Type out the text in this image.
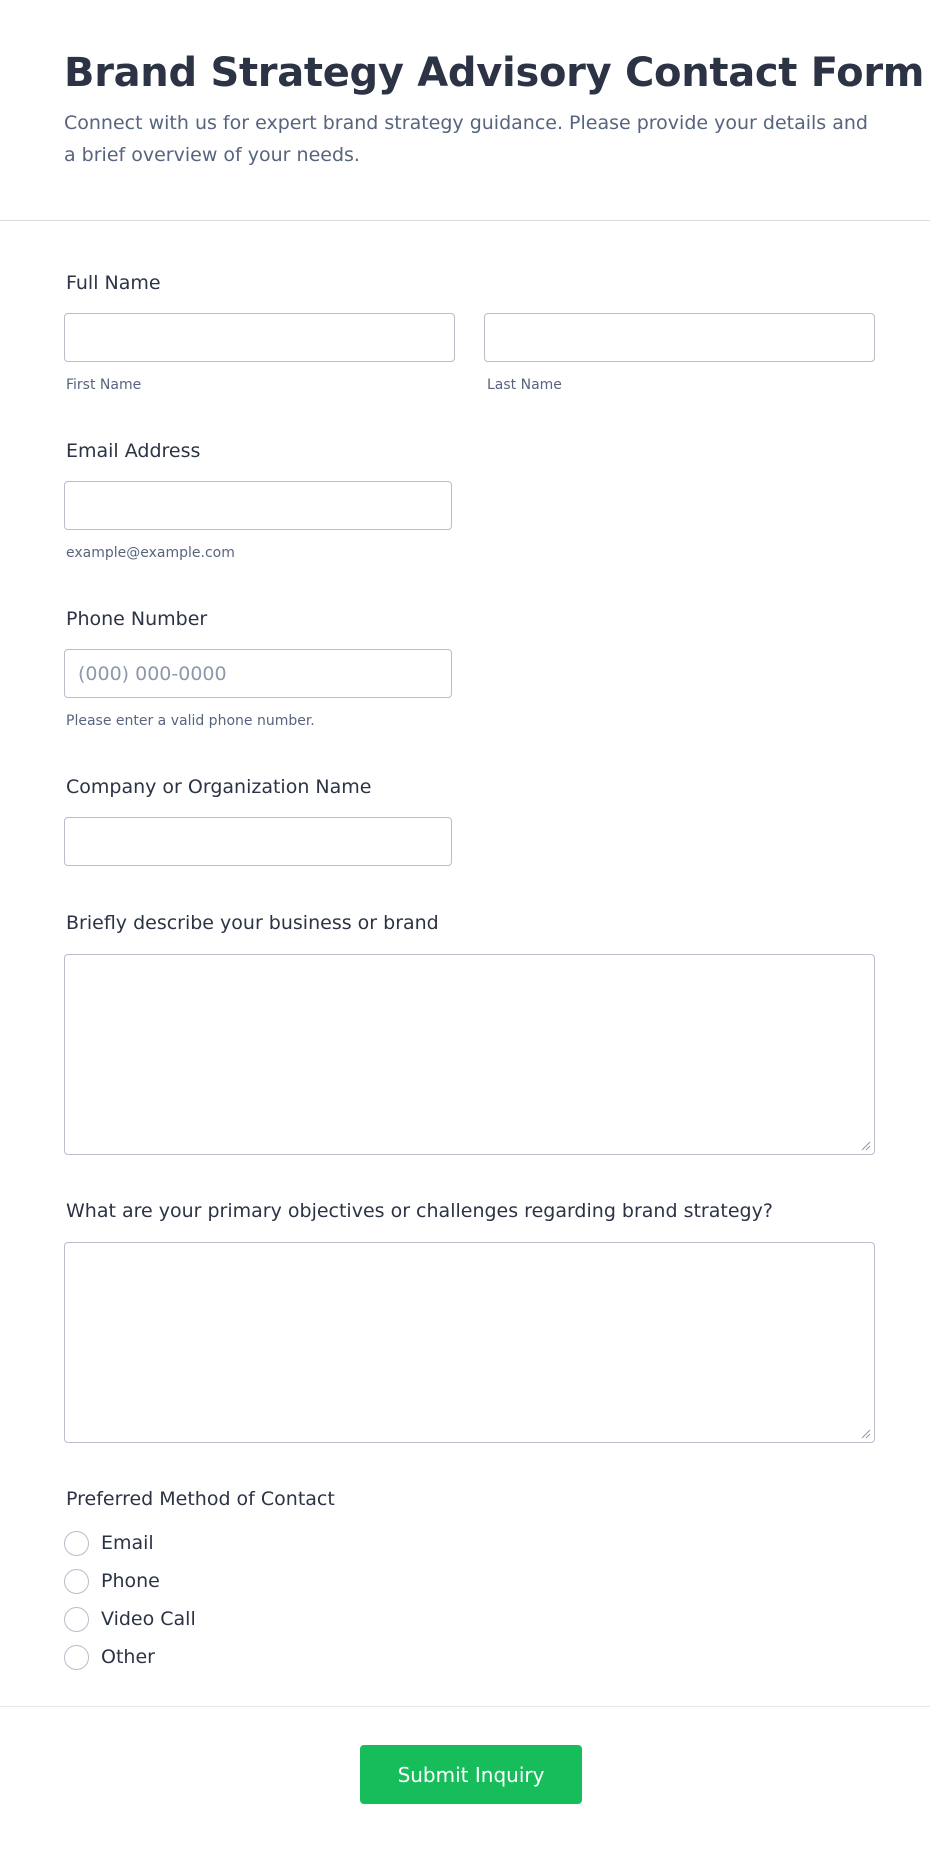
Brand Strategy Advisory Contact Form

Connect with us for expert brand strategy guidance. Please provide your details and a brief overview of your needs.

Full Name
First Name	Last Name
Email Address
example@example.com
Phone Number
(000) 000-0000
Please enter a valid phone number.
Company or Organization Name
Briefly describe your business or brand
What are your primary objectives or challenges regarding brand strategy?
Preferred Method of Contact
Email
Phone
Video Call
Other
Submit Inquiry
